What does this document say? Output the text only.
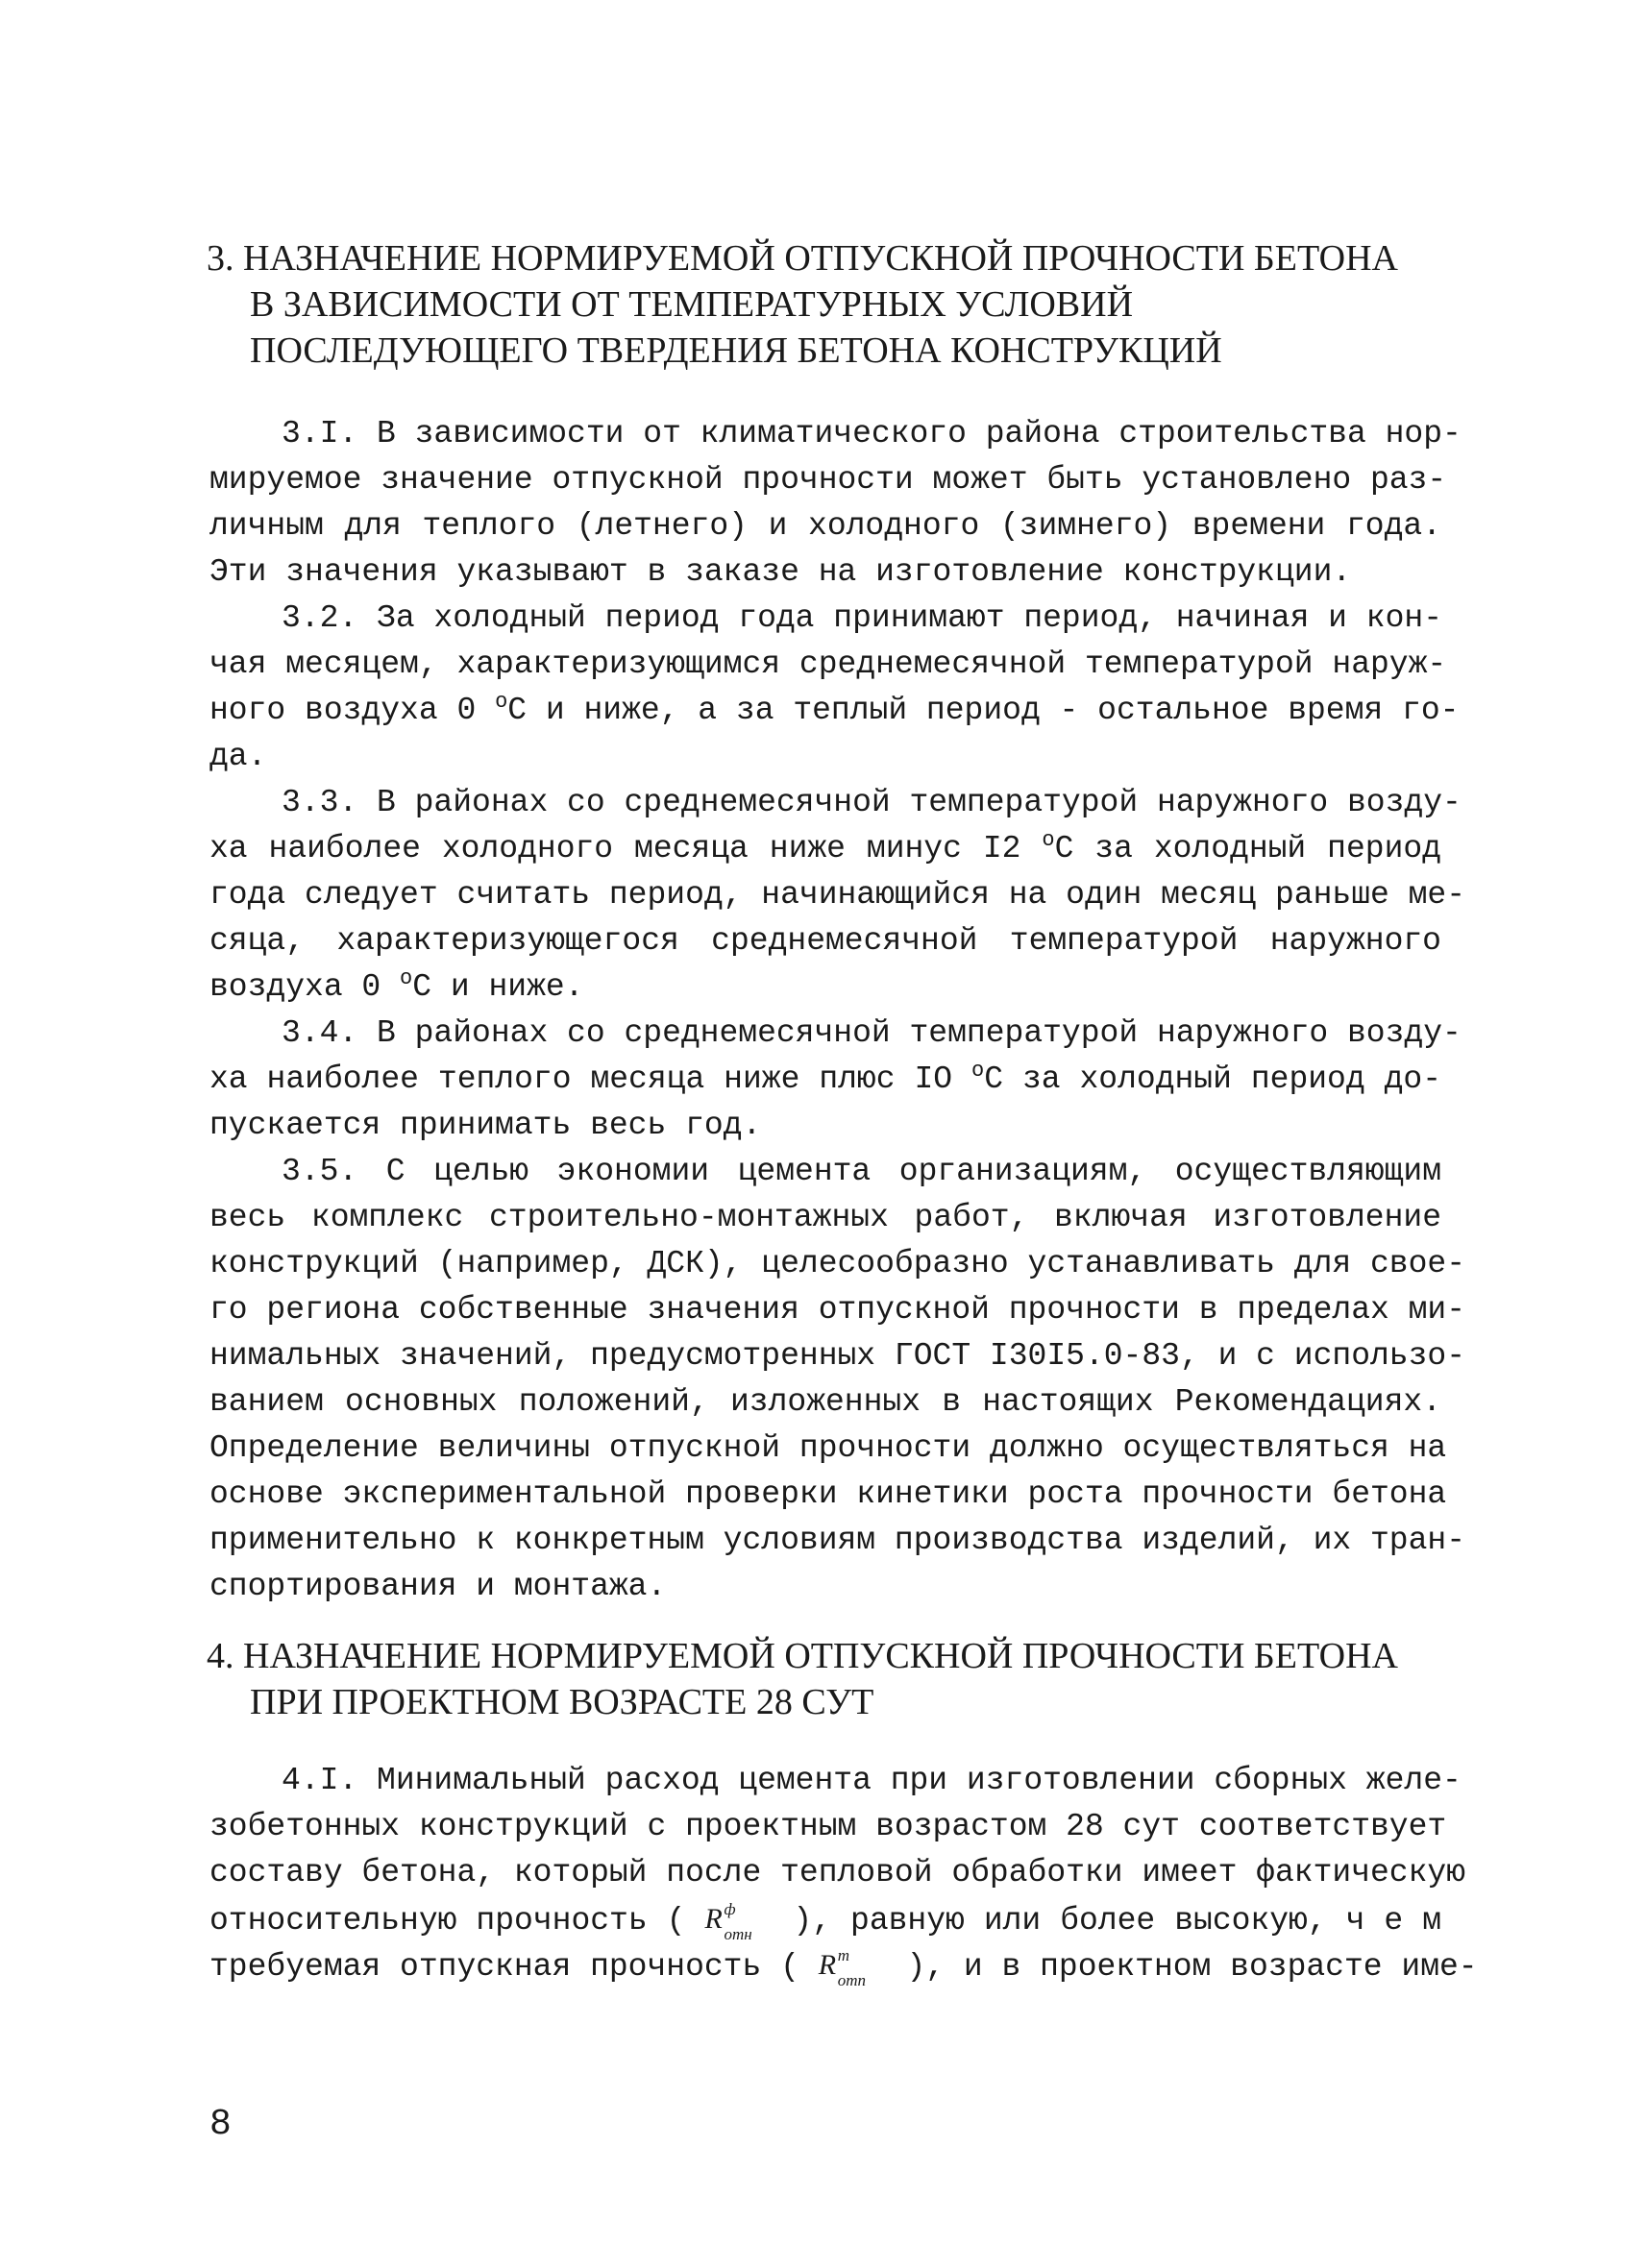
3. НАЗНАЧЕНИЕ НОРМИРУЕМОЙ ОТПУСКНОЙ ПРОЧНОСТИ БЕТОНА
В ЗАВИСИМОСТИ ОТ ТЕМПЕРАТУРНЫХ УСЛОВИЙ
ПОСЛЕДУЮЩЕГО ТВЕРДЕНИЯ БЕТОНА КОНСТРУКЦИЙ
3.I. В зависимости от климатического района строительства нор-
мируемое значение отпускной прочности может быть установлено раз-
личным для теплого (летнего) и холодного (зимнего) времени года.
Эти значения указывают в заказе на изготовление конструкции.
3.2. За холодный период года принимают период, начиная и кон-
чая месяцем, характеризующимся среднемесячной температурой наруж-
ного воздуха 0 $^o$C и ниже, а за теплый период - остальное время го-
да.
3.3. В районах со среднемесячной температурой наружного возду-
ха наиболее холодного месяца ниже минус I2 $^o$C за холодный период
года следует считать период, начинающийся на один месяц раньше ме-
сяца, характеризующегося среднемесячной температурой наружного
воздуха 0 $^o$C и ниже.
3.4. В районах со среднемесячной температурой наружного возду-
ха наиболее теплого месяца ниже плюс IO $^o$C за холодный период до-
пускается принимать весь год.
3.5. С целью экономии цемента организациям, осуществляющим
весь комплекс строительно-монтажных работ, включая изготовление
конструкций (например, ДСК), целесообразно устанавливать для свое-
го региона собственные значения отпускной прочности в пределах ми-
нимальных значений, предусмотренных ГОСТ I30I5.0-83, и с использо-
ванием основных положений, изложенных в настоящих Рекомендациях.
Определение величины отпускной прочности должно осуществляться на
основе экспериментальной проверки кинетики роста прочности бетона
применительно к конкретным условиям производства изделий, их тран-
спортирования и монтажа.
4. НАЗНАЧЕНИЕ НОРМИРУЕМОЙ ОТПУСКНОЙ ПРОЧНОСТИ БЕТОНА
ПРИ ПРОЕКТНОМ ВОЗРАСТЕ 28 СУТ
4.I. Минимальный расход цемента при изготовлении сборных желе-
зобетонных конструкций с проектным возрастом 28 сут соответствует
составу бетона, который после тепловой обработки имеет фактическую
относительную прочность ( R ф
отн ), равную или более высокую, ч е м
требуемая отпускная прочность ( R т
отп ), и в проектном возрасте име-
8
